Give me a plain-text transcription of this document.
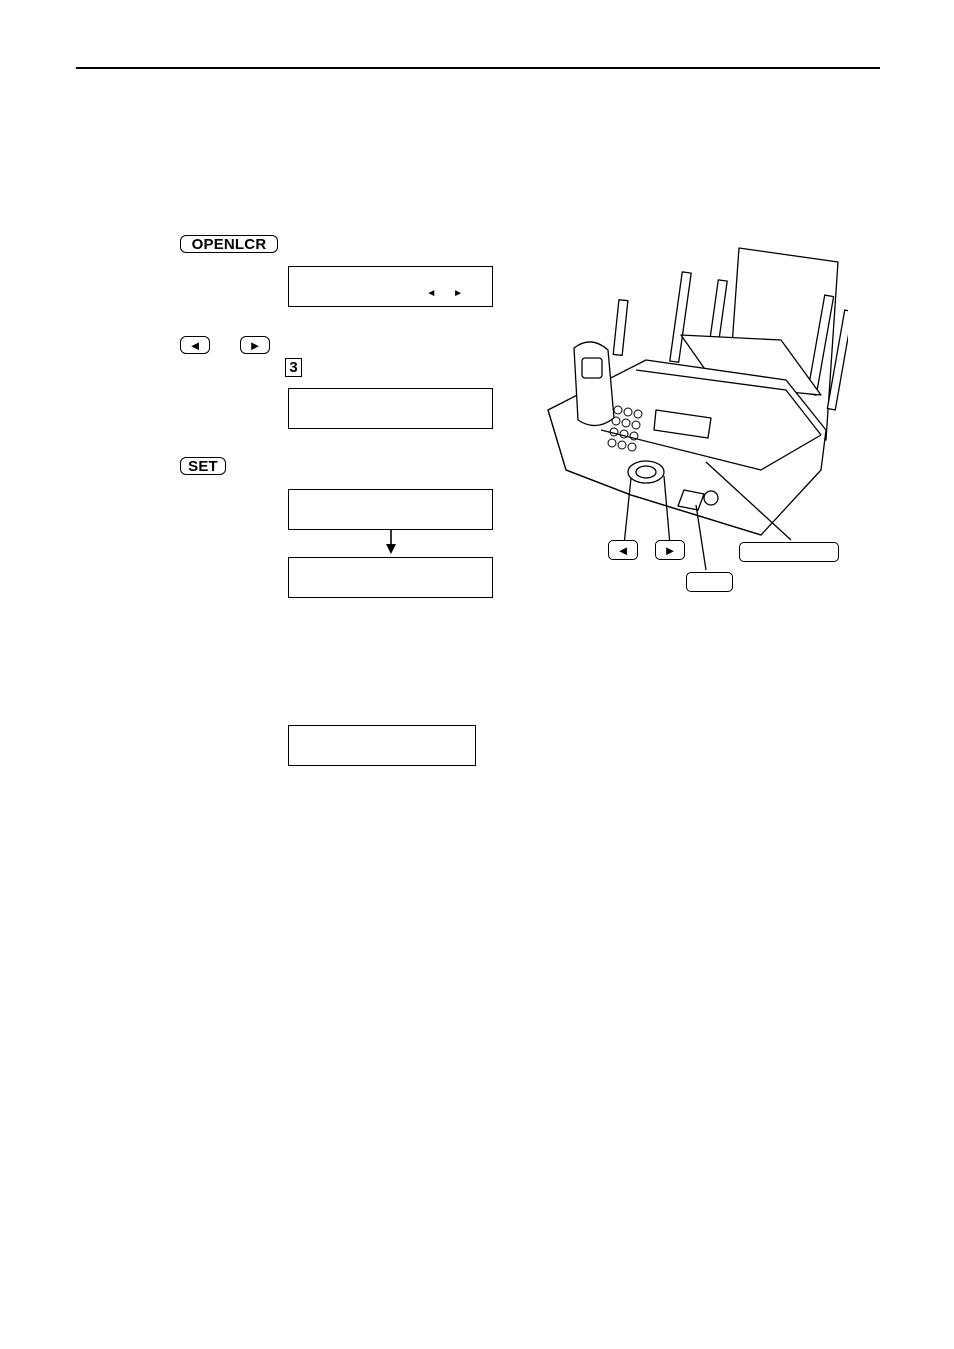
OPENLCR
◄ ►
◄	►
3
SET
◄	►
